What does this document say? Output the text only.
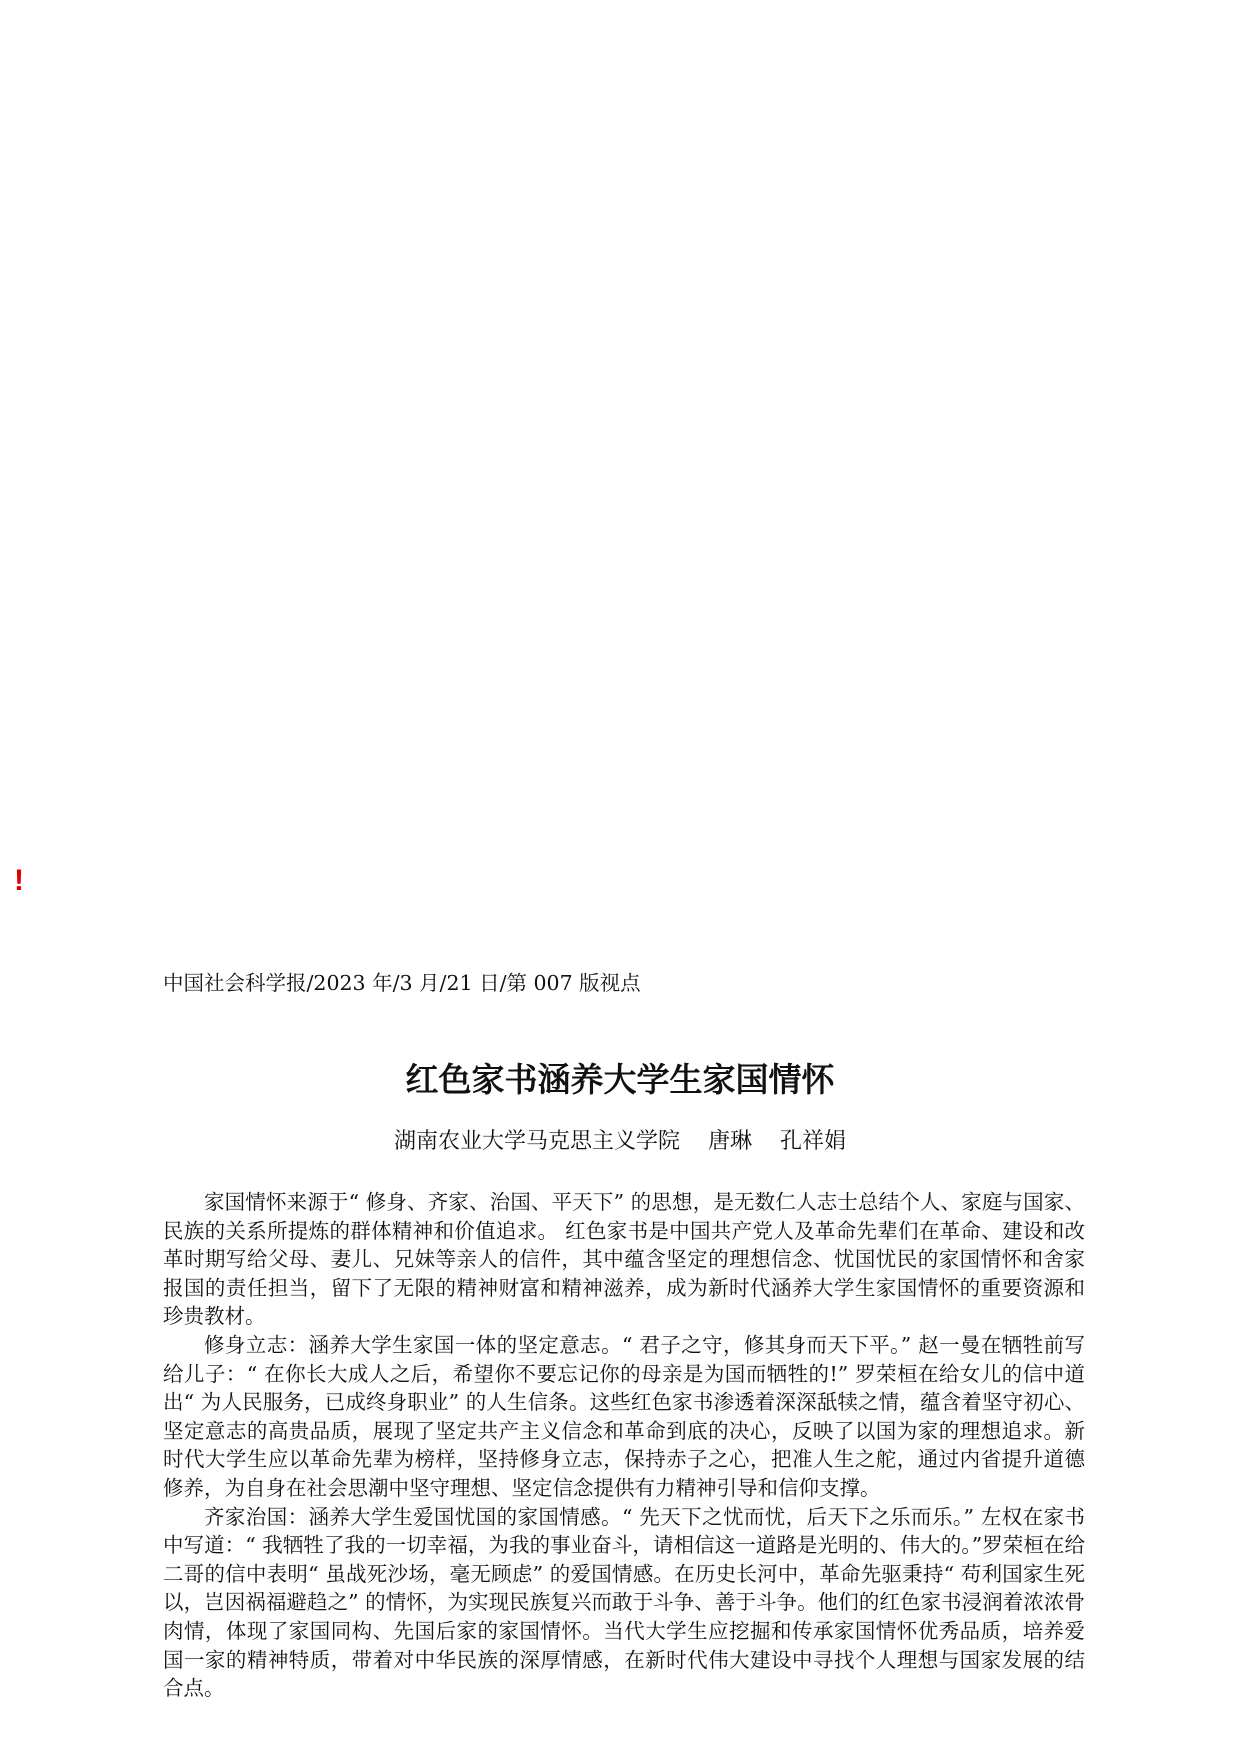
!
中国社会科学报/2023 年/3 月/21 日/第 007 版视点
红色家书涵养大学生家国情怀
湖南农业大学马克思主义学院    唐琳    孔祥娟

家国情怀来源于“ 修身、齐家、治国、平天下” 的思想，是无数仁人志士总结个人、家庭与国家、 民族的关系所提炼的群体精神和价值追求。 红色家书是中国共产党人及革命先辈们在革命、建设和改革时期写给父母、妻儿、兄妹等亲人的信件，其中蕴含坚定的理想信念、忧国忧民的家国情怀和舍家报国的责任担当，留下了无限的精神财富和精神滋养，成为新时代涵养大学生家国情怀的重要资源和珍贵教材。

修身立志：涵养大学生家国一体的坚定意志。“ 君子之守，修其身而天下平。” 赵一曼在牺牲前写给儿子：“ 在你长大成人之后，希望你不要忘记你的母亲是为国而牺牲的!” 罗荣桓在给女儿的信中道出“ 为人民服务，已成终身职业” 的人生信条。这些红色家书渗透着深深舐犊之情，蕴含着坚守初心、坚定意志的高贵品质，展现了坚定共产主义信念和革命到底的决心，反映了以国为家的理想追求。新时代大学生应以革命先辈为榜样，坚持修身立志，保持赤子之心，把准人生之舵，通过内省提升道德修养，为自身在社会思潮中坚守理想、坚定信念提供有力精神引导和信仰支撑。

齐家治国：涵养大学生爱国忧国的家国情感。“ 先天下之忧而忧，后天下之乐而乐。” 左权在家书中写道：“ 我牺牲了我的一切幸福，为我的事业奋斗，请相信这一道路是光明的、伟大的。”罗荣桓在给二哥的信中表明“ 虽战死沙场，毫无顾虑” 的爱国情感。在历史长河中，革命先驱秉持“ 苟利国家生死以，岂因祸福避趋之” 的情怀，为实现民族复兴而敢于斗争、善于斗争。他们的红色家书浸润着浓浓骨肉情，体现了家国同构、先国后家的家国情怀。当代大学生应挖掘和传承家国情怀优秀品质，培养爱国一家的精神特质，带着对中华民族的深厚情感，在新时代伟大建设中寻找个人理想与国家发展的结合点。
